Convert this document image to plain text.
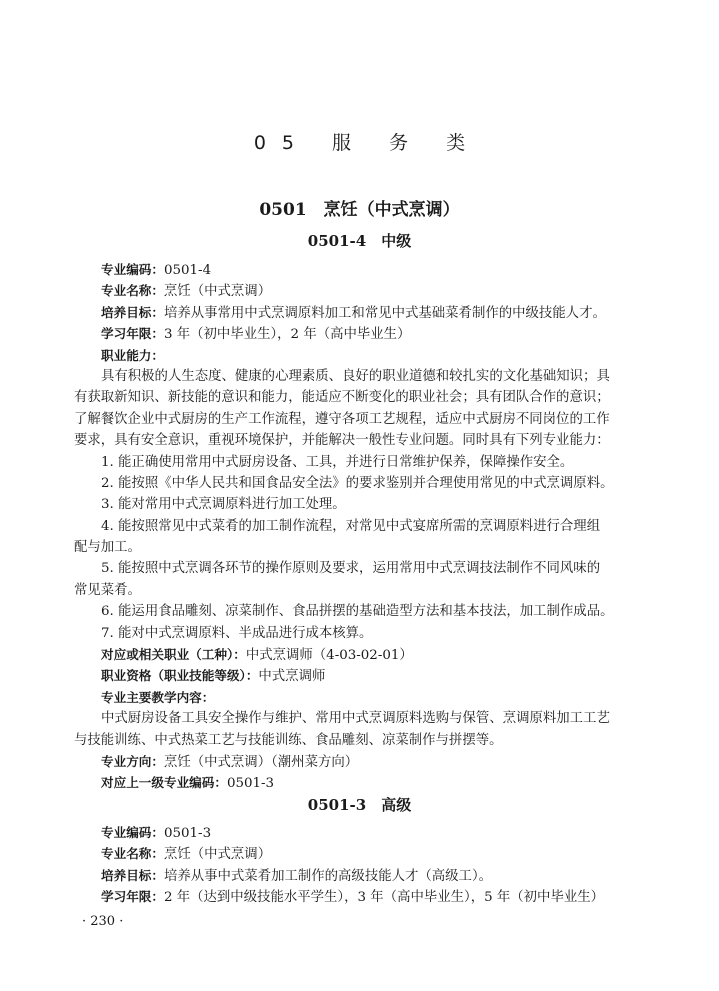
05 服 务 类
0501　烹饪（中式烹调）
0501-4　中级
专业编码：0501-4
专业名称：烹饪（中式烹调）
培养目标：培养从事常用中式烹调原料加工和常见中式基础菜肴制作的中级技能人才。
学习年限：3 年（初中毕业生），2 年（高中毕业生）
职业能力：
具有积极的人生态度、健康的心理素质、良好的职业道德和较扎实的文化基础知识；具
有获取新知识、新技能的意识和能力，能适应不断变化的职业社会；具有团队合作的意识；
了解餐饮企业中式厨房的生产工作流程，遵守各项工艺规程，适应中式厨房不同岗位的工作
要求，具有安全意识，重视环境保护，并能解决一般性专业问题。同时具有下列专业能力：
1. 能正确使用常用中式厨房设备、工具，并进行日常维护保养，保障操作安全。
2. 能按照《中华人民共和国食品安全法》的要求鉴别并合理使用常见的中式烹调原料。
3. 能对常用中式烹调原料进行加工处理。
4. 能按照常见中式菜肴的加工制作流程，对常见中式宴席所需的烹调原料进行合理组
配与加工。
5. 能按照中式烹调各环节的操作原则及要求，运用常用中式烹调技法制作不同风味的
常见菜肴。
6. 能运用食品雕刻、凉菜制作、食品拼摆的基础造型方法和基本技法，加工制作成品。
7. 能对中式烹调原料、半成品进行成本核算。
对应或相关职业（工种）：中式烹调师（4-03-02-01）
职业资格（职业技能等级）：中式烹调师
专业主要教学内容：
中式厨房设备工具安全操作与维护、常用中式烹调原料选购与保管、烹调原料加工工艺
与技能训练、中式热菜工艺与技能训练、食品雕刻、凉菜制作与拼摆等。
专业方向：烹饪（中式烹调）（潮州菜方向）
对应上一级专业编码：0501-3
0501-3　高级
专业编码：0501-3
专业名称：烹饪（中式烹调）
培养目标：培养从事中式菜肴加工制作的高级技能人才（高级工）。
学习年限：2 年（达到中级技能水平学生），3 年（高中毕业生），5 年（初中毕业生）
· 230 ·
